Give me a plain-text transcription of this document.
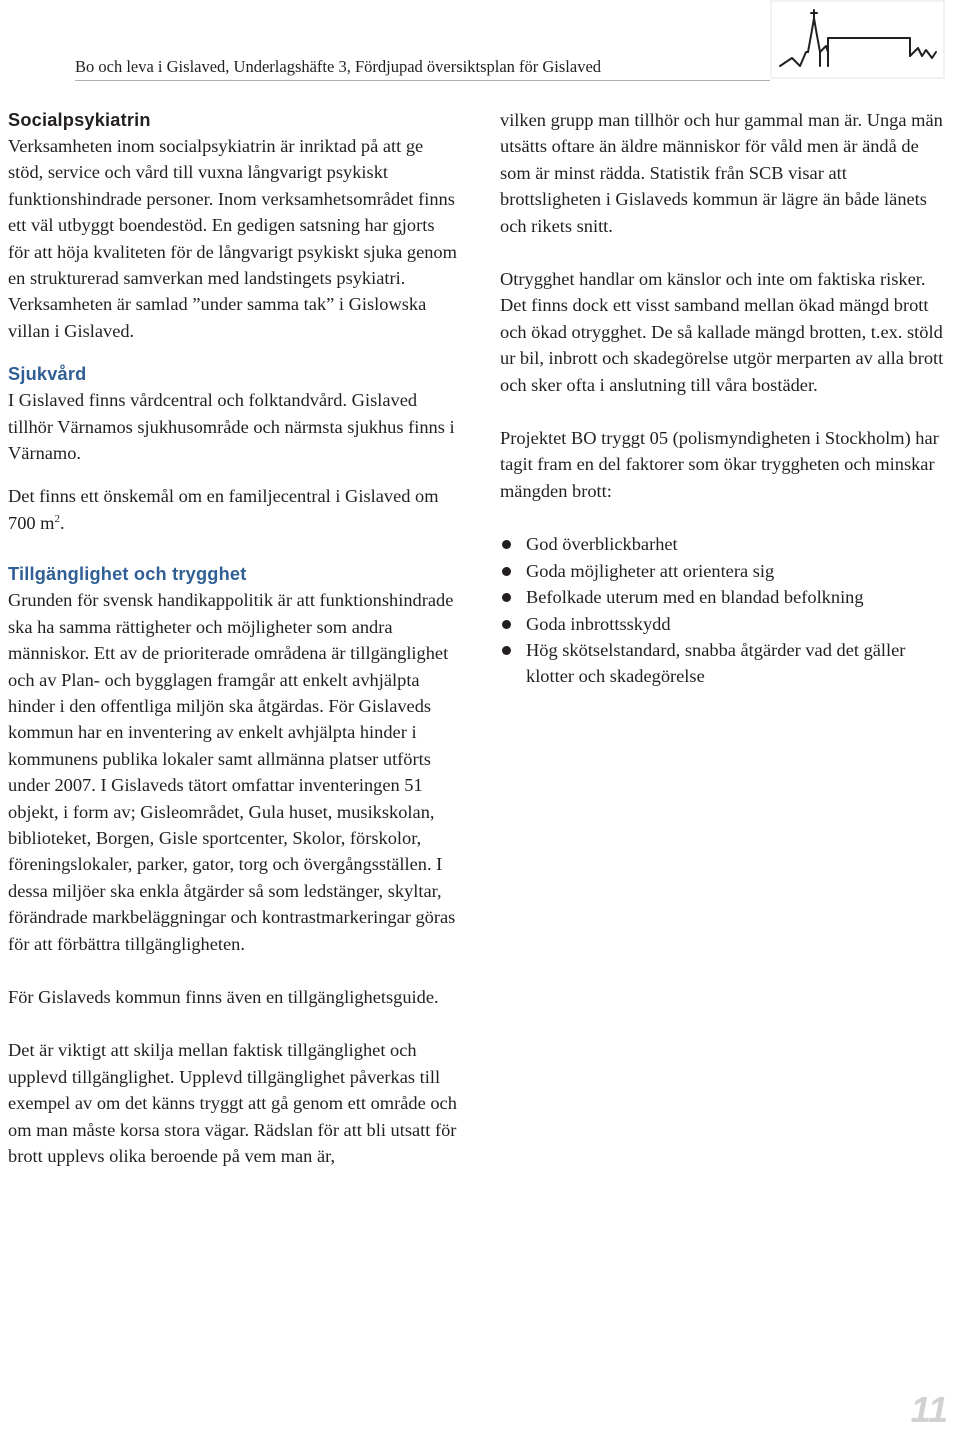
Bo och leva i Gislaved, Underlagshäfte 3, Fördjupad översiktsplan för Gislaved
Socialpsykiatrin

Verksamheten inom socialpsykiatrin är inriktad på att ge stöd, service och vård till vuxna långvarigt psykiskt funktionshindrade personer. Inom verksamhetsområdet finns ett väl utbyggt boendestöd. En gedigen satsning har gjorts för att höja kvaliteten för de långvarigt psykiskt sjuka genom en strukturerad samverkan med landstingets psykiatri. Verksamheten är samlad ”under samma tak” i Gislowska villan i Gislaved.

Sjukvård

I Gislaved finns vårdcentral och folktandvård. Gislaved tillhör Värnamos sjukhusområde och närmsta sjukhus finns i Värnamo.

Det finns ett önskemål om en familjecentral i Gislaved om 700 $m^2$.

Tillgänglighet och trygghet

Grunden för svensk handikappolitik är att funktionshindrade ska ha samma rättigheter och möjligheter som andra människor. Ett av de prioriterade områdena är tillgänglighet och av Plan- och bygglagen framgår att enkelt avhjälpta hinder i den offentliga miljön ska åtgärdas. För Gislaveds kommun har en inventering av enkelt avhjälpta hinder i kommunens publika lokaler samt allmänna platser utförts under 2007. I Gislaveds tätort omfattar inventeringen 51 objekt, i form av; Gisleområdet, Gula huset, musikskolan, biblioteket, Borgen, Gisle sportcenter, Skolor, förskolor, föreningslokaler, parker, gator, torg och övergångsställen. I dessa miljöer ska enkla åtgärder så som ledstänger, skyltar, förändrade markbeläggningar och kontrastmarkeringar göras för att förbättra tillgängligheten.

För Gislaveds kommun finns även en tillgänglighetsguide.

Det är viktigt att skilja mellan faktisk tillgänglighet och upplevd tillgänglighet. Upplevd tillgänglighet påverkas till exempel av om det känns tryggt att gå genom ett område och om man måste korsa stora vägar. Rädslan för att bli utsatt för brott upplevs olika beroende på vem man är,

vilken grupp man tillhör och hur gammal man är. Unga män utsätts oftare än äldre människor för våld men är ändå de som är minst rädda. Statistik från SCB visar att brottsligheten i Gislaveds kommun är lägre än både länets och rikets snitt.

Otrygghet handlar om känslor och inte om faktiska risker. Det finns dock ett visst samband mellan ökad mängd brott och ökad otrygghet. De så kallade mängd brotten, t.ex. stöld ur bil, inbrott och skadegörelse utgör merparten av alla brott och sker ofta i anslutning till våra bostäder.

Projektet BO tryggt 05 (polismyndigheten i Stockholm) har tagit fram en del faktorer som ökar tryggheten och minskar mängden brott:

God överblickbarhet
Goda möjligheter att orientera sig
Befolkade uterum med en blandad befolkning
Goda inbrottsskydd
Hög skötselstandard, snabba åtgärder vad det gäller klotter och skadegörelse
11
